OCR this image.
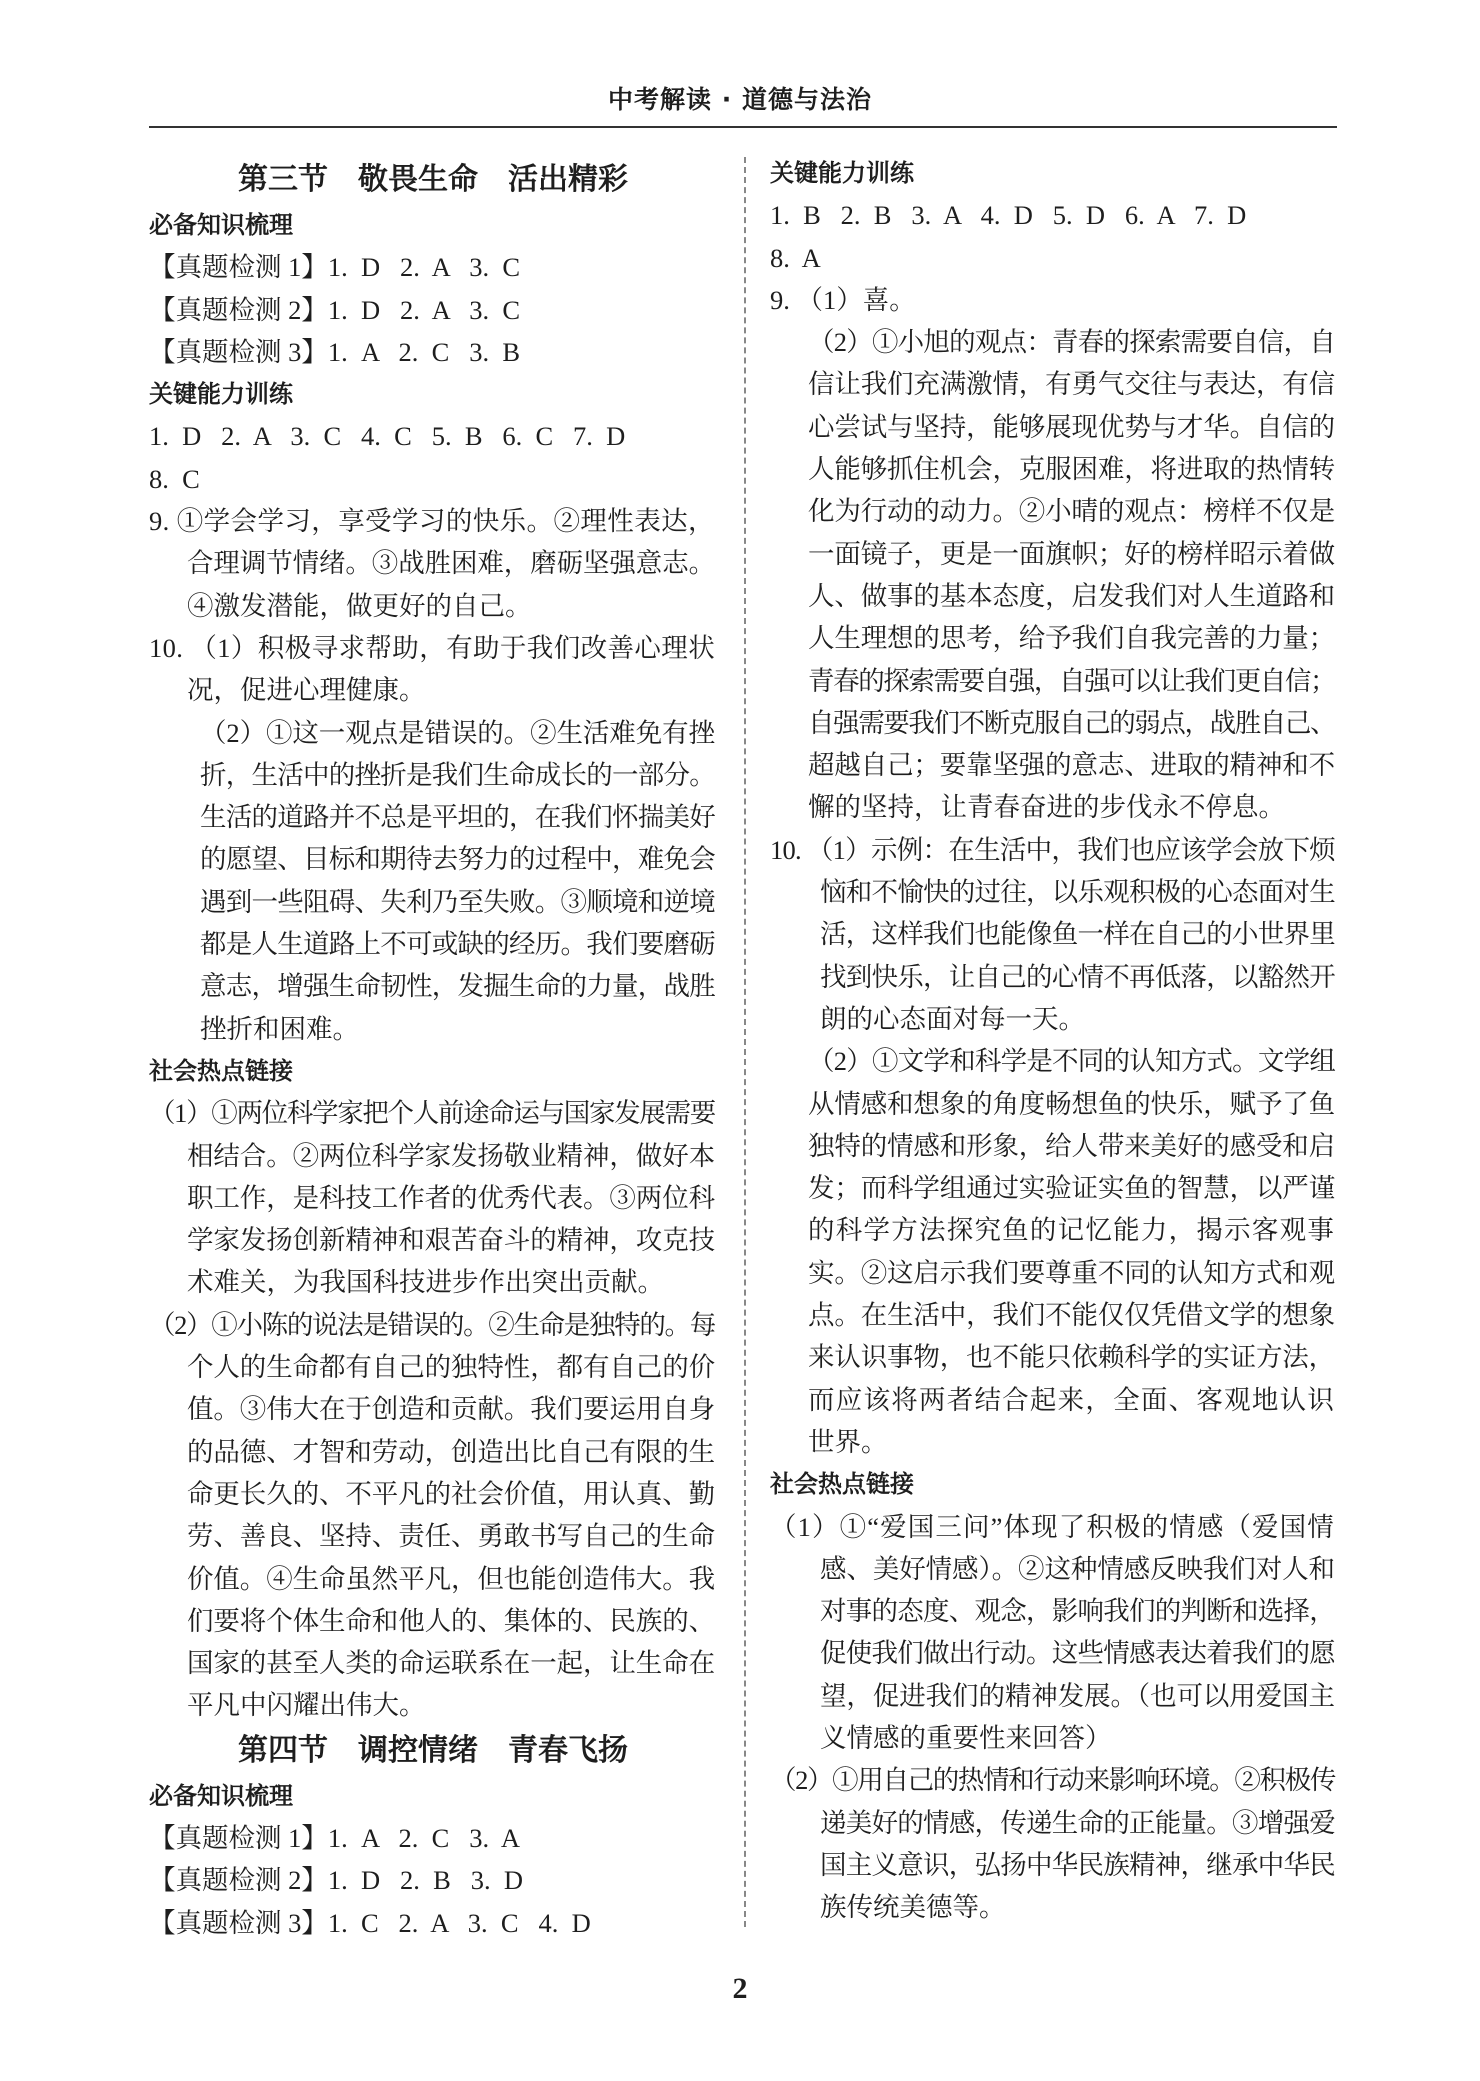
中考解读 · 道德与法治
第三节　敬畏生命　活出精彩
必备知识梳理
【真题检测 1】1.  D   2.  A   3.  C
【真题检测 2】1.  D   2.  A   3.  C
【真题检测 3】1.  A   2.  C   3.  B
关键能力训练
1.  D   2.  A   3.  C   4.  C   5.  B   6.  C   7.  D
8.  C
9. ①学会学习，享受学习的快乐。②理性表达，
合理调节情绪。③战胜困难，磨砺坚强意志。
④激发潜能，做更好的自己。
10. （1）积极寻求帮助，有助于我们改善心理状
况，促进心理健康。
（2）①这一观点是错误的。②生活难免有挫
折，生活中的挫折是我们生命成长的一部分。
生活的道路并不总是平坦的，在我们怀揣美好
的愿望、目标和期待去努力的过程中，难免会
遇到一些阻碍、失利乃至失败。③顺境和逆境
都是人生道路上不可或缺的经历。我们要磨砺
意志，增强生命韧性，发掘生命的力量，战胜
挫折和困难。
社会热点链接
（1）①两位科学家把个人前途命运与国家发展需要
相结合。②两位科学家发扬敬业精神，做好本
职工作，是科技工作者的优秀代表。③两位科
学家发扬创新精神和艰苦奋斗的精神，攻克技
术难关，为我国科技进步作出突出贡献。
（2）①小陈的说法是错误的。②生命是独特的。每
个人的生命都有自己的独特性，都有自己的价
值。③伟大在于创造和贡献。我们要运用自身
的品德、才智和劳动，创造出比自己有限的生
命更长久的、不平凡的社会价值，用认真、勤
劳、善良、坚持、责任、勇敢书写自己的生命
价值。④生命虽然平凡，但也能创造伟大。我
们要将个体生命和他人的、集体的、民族的、
国家的甚至人类的命运联系在一起，让生命在
平凡中闪耀出伟大。
第四节　调控情绪　青春飞扬
必备知识梳理
【真题检测 1】1.  A   2.  C   3.  A
【真题检测 2】1.  D   2.  B   3.  D
【真题检测 3】1.  C   2.  A   3.  C   4.  D
关键能力训练
1.  B   2.  B   3.  A   4.  D   5.  D   6.  A   7.  D
8.  A
9. （1）喜。
（2）①小旭的观点：青春的探索需要自信，自
信让我们充满激情，有勇气交往与表达，有信
心尝试与坚持，能够展现优势与才华。自信的
人能够抓住机会，克服困难，将进取的热情转
化为行动的动力。②小晴的观点：榜样不仅是
一面镜子，更是一面旗帜；好的榜样昭示着做
人、做事的基本态度，启发我们对人生道路和
人生理想的思考，给予我们自我完善的力量；
青春的探索需要自强，自强可以让我们更自信；
自强需要我们不断克服自己的弱点，战胜自己、
超越自己；要靠坚强的意志、进取的精神和不
懈的坚持，让青春奋进的步伐永不停息。
10. （1）示例：在生活中，我们也应该学会放下烦
恼和不愉快的过往，以乐观积极的心态面对生
活，这样我们也能像鱼一样在自己的小世界里
找到快乐，让自己的心情不再低落，以豁然开
朗的心态面对每一天。
（2）①文学和科学是不同的认知方式。文学组
从情感和想象的角度畅想鱼的快乐，赋予了鱼
独特的情感和形象，给人带来美好的感受和启
发；而科学组通过实验证实鱼的智慧，以严谨
的科学方法探究鱼的记忆能力，揭示客观事
实。②这启示我们要尊重不同的认知方式和观
点。在生活中，我们不能仅仅凭借文学的想象
来认识事物，也不能只依赖科学的实证方法，
而应该将两者结合起来，全面、客观地认识
世界。
社会热点链接
（1）①“爱国三问”体现了积极的情感（爱国情
感、美好情感）。②这种情感反映我们对人和
对事的态度、观念，影响我们的判断和选择，
促使我们做出行动。这些情感表达着我们的愿
望，促进我们的精神发展。（也可以用爱国主
义情感的重要性来回答）
（2）①用自己的热情和行动来影响环境。②积极传
递美好的情感，传递生命的正能量。③增强爱
国主义意识，弘扬中华民族精神，继承中华民
族传统美德等。
2
